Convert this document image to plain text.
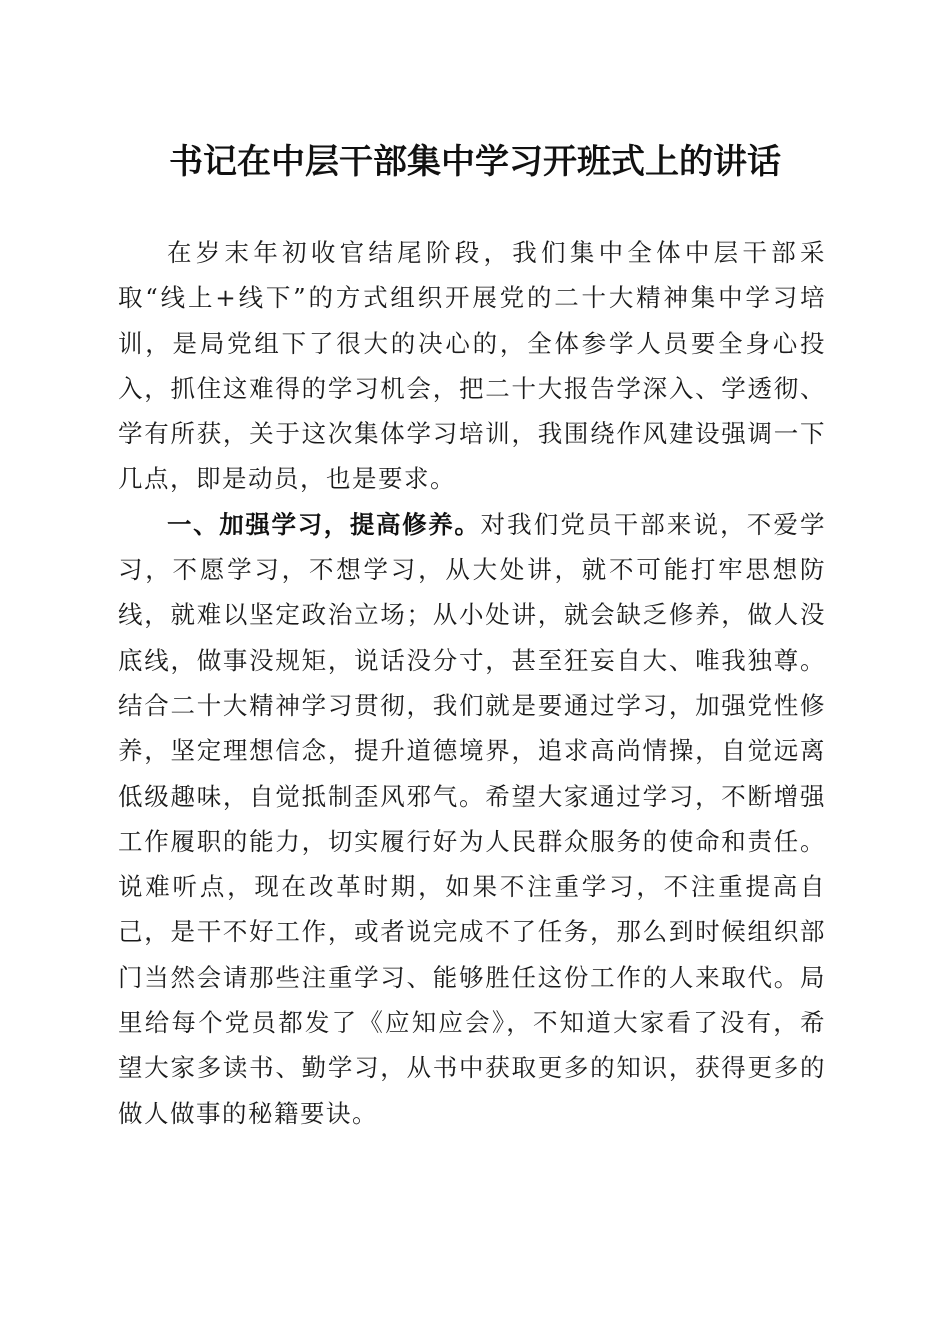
书记在中层干部集中学习开班式上的讲话

在岁末年初收官结尾阶段，我们集中全体中层干部采取“线上+线下”的方式组织开展党的二十大精神集中学习培训，是局党组下了很大的决心的，全体参学人员要全身心投入，抓住这难得的学习机会，把二十大报告学深入、学透彻、学有所获，关于这次集体学习培训，我围绕作风建设强调一下几点，即是动员，也是要求。

一、加强学习，提高修养。对我们党员干部来说，不爱学习，不愿学习，不想学习，从大处讲，就不可能打牢思想防线，就难以坚定政治立场；从小处讲，就会缺乏修养，做人没底线，做事没规矩，说话没分寸，甚至狂妄自大、唯我独尊。结合二十大精神学习贯彻，我们就是要通过学习，加强党性修养，坚定理想信念，提升道德境界，追求高尚情操，自觉远离低级趣味，自觉抵制歪风邪气。希望大家通过学习，不断增强工作履职的能力，切实履行好为人民群众服务的使命和责任。说难听点，现在改革时期，如果不注重学习，不注重提高自己，是干不好工作，或者说完成不了任务，那么到时候组织部门当然会请那些注重学习、能够胜任这份工作的人来取代。局里给每个党员都发了《应知应会》，不知道大家看了没有，希望大家多读书、勤学习，从书中获取更多的知识，获得更多的做人做事的秘籍要诀。
